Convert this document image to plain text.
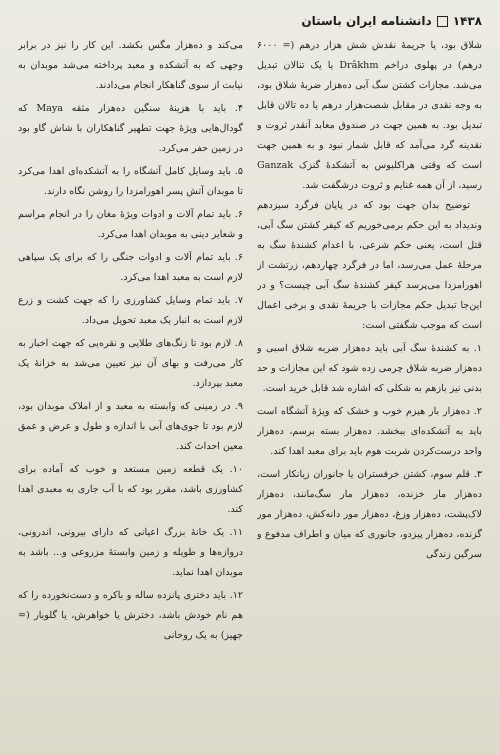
۱۴۳۸دانشنامه ایران باستان

شلاق بود، یا جریمهٔ نقدش شش هزار درهم (= ۶۰۰۰ درهم) در پهلوی دراخم Drâkhm یا یک تنالان تبدیل می‌شد. مجازات کشتن سگ آبی ده‌هزار ضربهٔ شلاق بود، به وجه نقدی در مقابل شصت‌هزار درهم یا ده تالان قابل تبدیل بود. به همین جهت در صندوق معابد آنقدر ثروت و نقدینه گرد می‌آمد که قابل شمار نبود و به همین جهت است که وقتی هراکلیوس به آتشکدهٔ گنزک Ganzak رسید، از آن همه غنایم و ثروت درشگفت شد.

توضیح بدان جهت بود که در پایان فرگرد سیزدهم وندیداد به این حکم برمی‌خوریم که کیفر کشتن سگ آبی، قتل است، یعنی حکم شرعی، با اعدام کشندهٔ سگ به مرحلهٔ عمل می‌رسد، اما در فرگرد چهاردهم، زرتشت از اهورامزدا می‌پرسد کیفر کشندهٔ سگ آبی چیست؟ و در این‌جا تبدیل حکم مجازات با جریمهٔ نقدی و برخی اعمال است که موجب شگفتی است:

۱. به کشندهٔ سگ آبی باید ده‌هزار ضربه شلاق اسبی و ده‌هزار ضربه شلاق چرمی زده شود که این مجازات و حد بدنی نیز بازهم به شکلی که اشاره شد قابل خرید است.

۲. ده‌هزار بار هیزم خوب و خشک که ویژهٔ آتشگاه است باید به آتشکده‌ای ببخشد. ده‌هزار بسته برسم، ده‌هزار واحد درست‌کردن شربت هوم باید برای معبد اهدا کند.

۳. قلم سوم، کشتن خرفستران یا جانوران زیانکار است، ده‌هزار مار خزنده، ده‌هزار مار سگ‌مانند، ده‌هزار لاک‌پشت، ده‌هزار وزغ، ده‌هزار مور دانه‌کش، ده‌هزار مور گزنده، ده‌هزار پیزدو، جانوری که میان و اطراف مدفوع و سرگین زندگی

می‌کند و ده‌هزار مگس بکشد. این کار را نیز در برابر وجهی که به آتشکده و معبد پرداخته می‌شد موبدان به نیابت از سوی گناهکار انجام می‌دادند.

۴. باید با هزینهٔ سنگین ده‌هزار مثقه Maya که گودال‌هایی ویژهٔ جهت تطهیر گناهکاران با شاش گاو بود در زمین حفر می‌کرد.

۵. باید وسایل کامل آتشگاه را به آتشکده‌ای اهدا می‌کرد تا موبدان آتش پسر اهورامزدا را روشن نگاه دارند.

۶. باید تمام آلات و ادوات ویژهٔ مغان را در انجام مراسم و شعایر دینی به موبدان اهدا می‌کرد.

۶. باید تمام آلات و ادوات جنگی را که برای یک سپاهی لازم است به معبد اهدا می‌کرد.

۷. باید تمام وسایل کشاورزی را که جهت کشت و زرع لازم است به انبار یک معبد تحویل می‌داد.

۸. لازم بود تا زنگ‌های طلایی و نقره‌یی که جهت اخبار به کار می‌رفت و بهای آن نیز تعیین می‌شد به خزانهٔ یک معبد بپردازد.

۹. در زمینی که وابسته به معبد و از املاک موبدان بود، لازم بود تا جوی‌های آبی با اندازه و طول و عرض و عمق معین احداث کند.

۱۰. یک قطعه زمین مستعد و خوب که آماده برای کشاورزی باشد، مقرر بود که با آب جاری به معبدی اهدا کند.

۱۱. یک خانهٔ بزرگ اعیانی که دارای بیرونی، اندرونی، دروازه‌ها و طویله و زمین وابستهٔ مزروعی و... باشد به موبدان اهدا نماید.

۱۲. باید دختری پانزده ساله و باکره و دست‌نخورده را که هم نام خودش باشد، دخترش یا خواهرش، یا گلوبار (= جهیز) به یک روحانی
